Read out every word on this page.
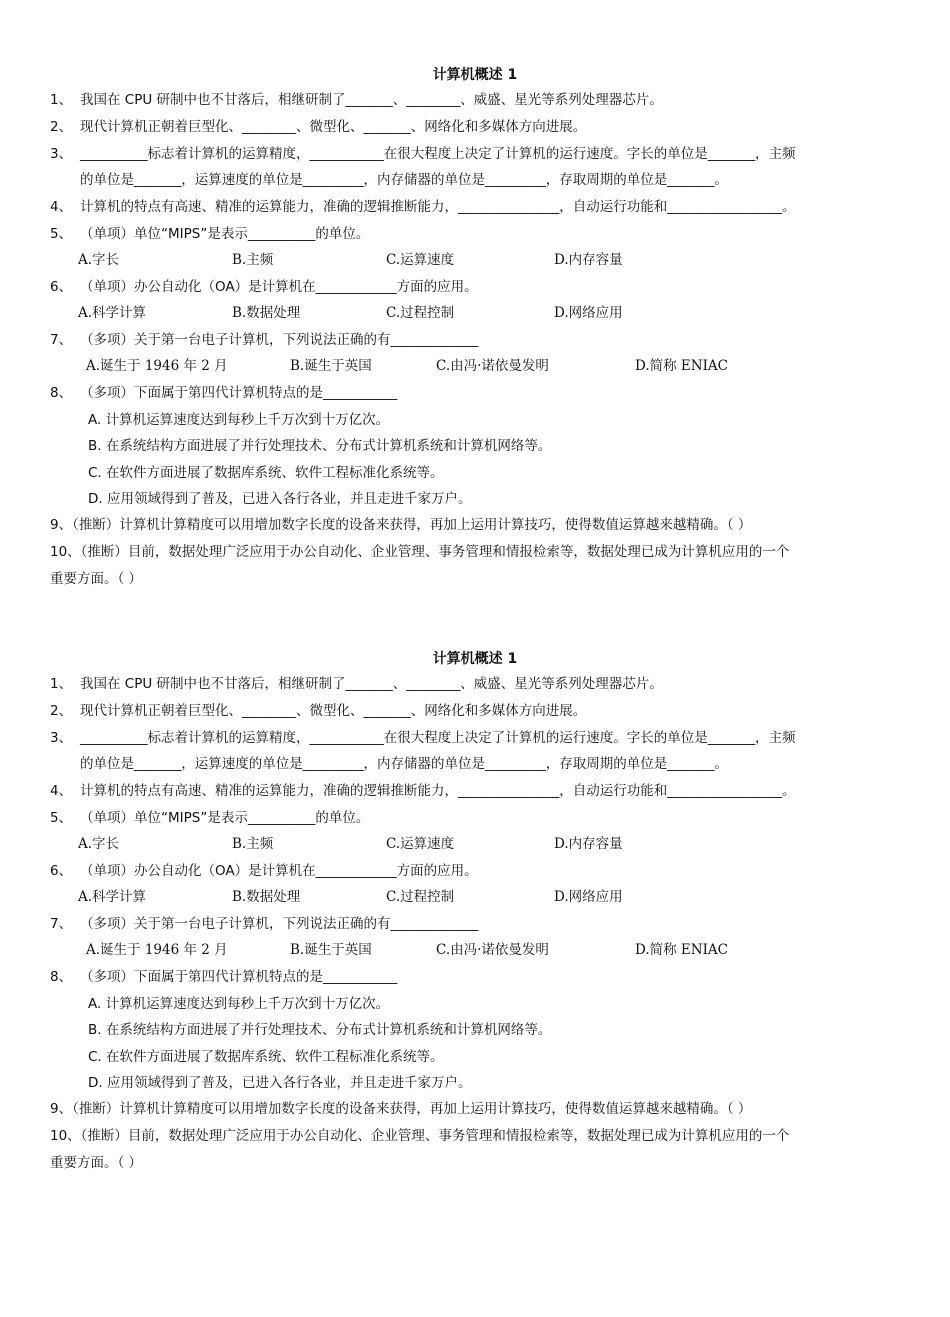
计算机概述 1
1、 我国在 CPU 研制中也不甘落后，相继研制了_______、________、威盛、星光等系列处理器芯片。
2、 现代计算机正朝着巨型化、________、微型化、_______、网络化和多媒体方向进展。
3、 __________标志着计算机的运算精度，___________在很大程度上决定了计算机的运行速度。字长的单位是_______，主频
的单位是_______，运算速度的单位是_________，内存储器的单位是_________，存取周期的单位是_______。
4、 计算机的特点有高速、精准的运算能力，准确的逻辑推断能力，_______________，自动运行功能和_________________。
5、 （单项）单位“MIPS”是表示__________的单位。
A.字长	B.主频	C.运算速度	D.内存容量
6、 （单项）办公自动化（OA）是计算机在____________方面的应用。
A.科学计算	B.数据处理	C.过程控制	D.网络应用
7、 （多项）关于第一台电子计算机，下列说法正确的有_____________
A.诞生于 1946 年 2 月	B.诞生于英国	C.由冯·诺依曼发明	D.简称 ENIAC
8、 （多项）下面属于第四代计算机特点的是___________
A. 计算机运算速度达到每秒上千万次到十万亿次。
B. 在系统结构方面进展了并行处理技术、分布式计算机系统和计算机网络等。
C. 在软件方面进展了数据库系统、软件工程标准化系统等。
D. 应用领域得到了普及，已进入各行各业，并且走进千家万户。
9、（推断）计算机计算精度可以用增加数字长度的设备来获得，再加上运用计算技巧，使得数值运算越来越精确。（ ）
10、（推断）目前，数据处理广泛应用于办公自动化、企业管理、事务管理和情报检索等，数据处理已成为计算机应用的一个
重要方面。（ ）
计算机概述 1
1、 我国在 CPU 研制中也不甘落后，相继研制了_______、________、威盛、星光等系列处理器芯片。
2、 现代计算机正朝着巨型化、________、微型化、_______、网络化和多媒体方向进展。
3、 __________标志着计算机的运算精度，___________在很大程度上决定了计算机的运行速度。字长的单位是_______，主频
的单位是_______，运算速度的单位是_________，内存储器的单位是_________，存取周期的单位是_______。
4、 计算机的特点有高速、精准的运算能力，准确的逻辑推断能力，_______________，自动运行功能和_________________。
5、 （单项）单位“MIPS”是表示__________的单位。
A.字长	B.主频	C.运算速度	D.内存容量
6、 （单项）办公自动化（OA）是计算机在____________方面的应用。
A.科学计算	B.数据处理	C.过程控制	D.网络应用
7、 （多项）关于第一台电子计算机，下列说法正确的有_____________
A.诞生于 1946 年 2 月	B.诞生于英国	C.由冯·诺依曼发明	D.简称 ENIAC
8、 （多项）下面属于第四代计算机特点的是___________
A. 计算机运算速度达到每秒上千万次到十万亿次。
B. 在系统结构方面进展了并行处理技术、分布式计算机系统和计算机网络等。
C. 在软件方面进展了数据库系统、软件工程标准化系统等。
D. 应用领域得到了普及，已进入各行各业，并且走进千家万户。
9、（推断）计算机计算精度可以用增加数字长度的设备来获得，再加上运用计算技巧，使得数值运算越来越精确。（ ）
10、（推断）目前，数据处理广泛应用于办公自动化、企业管理、事务管理和情报检索等，数据处理已成为计算机应用的一个
重要方面。（ ）
